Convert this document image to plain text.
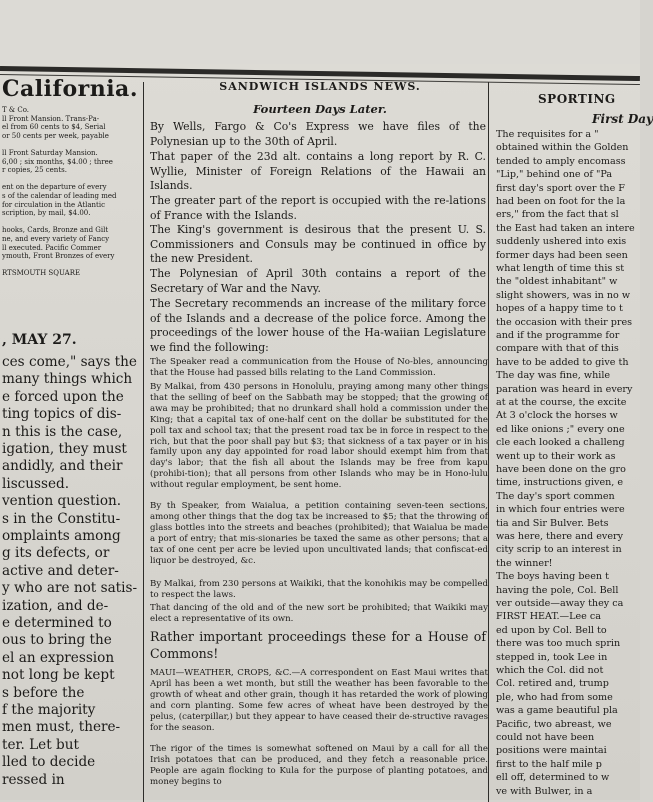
California.
T & Co.
ll Front Mansion. Trans-Pa-
el from 60 cents to $4, Serial
or 50 cents per week, payable
ll Front Saturday Mansion.
6,00 ; six months, $4.00 ; three
r copies, 25 cents.
ent on the departure of every
s of the calendar of leading med
for circulation in the Atlantic
scription, by mail, $4.00.
hooks, Cards, Bronze and Gilt
ne, and every variety of Fancy
ll executed. Pacific Commer
ymouth, Front Bronzes of every
RTSMOUTH SQUARE
, MAY 27.
ces come," says the
many things which
e forced upon the
ting topics of dis-
n this is the case,
igation, they must
andidly, and their
liscussed.
vention question.
s in the Constitu-
omplaints among
g its defects, or
active and deter-
y who are not satis-
ization, and de-
e determined to
ous to bring the
el an expression
not long be kept
s before the
f the majority
men must, there-
ter. Let but
lled to decide
ressed in
SANDWICH ISLANDS NEWS.
Fourteen Days Later.

By Wells, Fargo & Co's Express we have files of the Polynesian up to the 30th of April.

That paper of the 23d alt. contains a long report by R. C. Wyllie, Minister of Foreign Relations of the Hawaii an Islands.

The greater part of the report is occupied with the re-lations of France with the Islands.

The King's government is desirous that the present U. S. Commissioners and Consuls may be continued in office by the new President.

The Polynesian of April 30th contains a report of the Secretary of War and the Navy.

The Secretary recommends an increase of the military force of the Islands and a decrease of the police force. Among the proceedings of the lower house of the Ha-waiian Legislature we find the following:

The Speaker read a communication from the House of No-bles, announcing that the House had passed bills relating to the Land Commission.

By Malkai, from 430 persons in Honolulu, praying among many other things that the selling of beef on the Sabbath may be stopped; that the growing of awa may be prohibited; that no drunkard shall hold a commission under the King; that a capital tax of one-half cent on the dollar be substituted for the poll tax and school tax; that the present road tax be in force in respect to the rich, but that the poor shall pay but $3; that sickness of a tax payer or in his family upon any day appointed for road labor should exempt him from that day's labor; that the fish all about the Islands may be free from kapu (prohibi-tion); that all persons from other Islands who may be in Hono-lulu without regular employment, be sent home.

By th Speaker, from Waialua, a petition containing seven-teen sections, among other things that the dog tax be increased to $5; that the throwing of glass bottles into the streets and beaches (prohibited); that Waialua be made a port of entry; that mis-sionaries be taxed the same as other persons; that a tax of one cent per acre be levied upon uncultivated lands; that confiscat-ed liquor be destroyed, &c.

By Malkai, from 230 persons at Waikiki, that the konohikis may be compelled to respect the laws.

That dancing of the old and of the new sort be prohibited; that Waikiki may elect a representative of its own.

Rather important proceedings these for a House of Commons!

MAUI—WEATHER, CROPS, &C.—A correspondent on East Maui writes that April has been a wet month, but still the weather has been favorable to the growth of wheat and other grain, though it has retarded the work of plowing and corn planting. Some few acres of wheat have been destroyed by the pelus, (caterpillar,) but they appear to have ceased their de-structive ravages for the season.

The rigor of the times is somewhat softened on Maui by a call for all the Irish potatoes that can be produced, and they fetch a reasonable price. People are again flocking to Kula for the purpose of planting potatoes, and money begins to

SPORTING
First Day
The requisites for a "
obtained within the Golden
tended to amply encomass
"Lip," behind one of "Pa
first day's sport over the F
had been on foot for the la
ers," from the fact that sl
the East had taken an intere
suddenly ushered into exis
former days had been seen
what length of time this st
the "oldest inhabitant" w
slight showers, was in no w
hopes of a happy time to t
the occasion with their pres
and if the programme for
compare with that of this
have to be added to give th
The day was fine, while
paration was heard in every
at at the course, the excite
At 3 o'clock the horses w
ed like onions ;" every one
cle each looked a challeng
went up to their work as
have been done on the gro
time, instructions given, e
The day's sport commen
in which four entries were
tia and Sir Bulver. Bets
was here, there and every
city scrip to an interest in
the winner!
The boys having been t
having the pole, Col. Bell
ver outside—away they ca
FIRST HEAT.—Lee ca
ed upon by Col. Bell to
there was too much sprin
stepped in, took Lee in
which the Col. did not
Col. retired and, trump
ple, who had from some
was a game beautiful pla
Pacific, two abreast, we
could not have been
positions were maintai
first to the half mile p
ell off, determined to w
ve with Bulwer, in a
